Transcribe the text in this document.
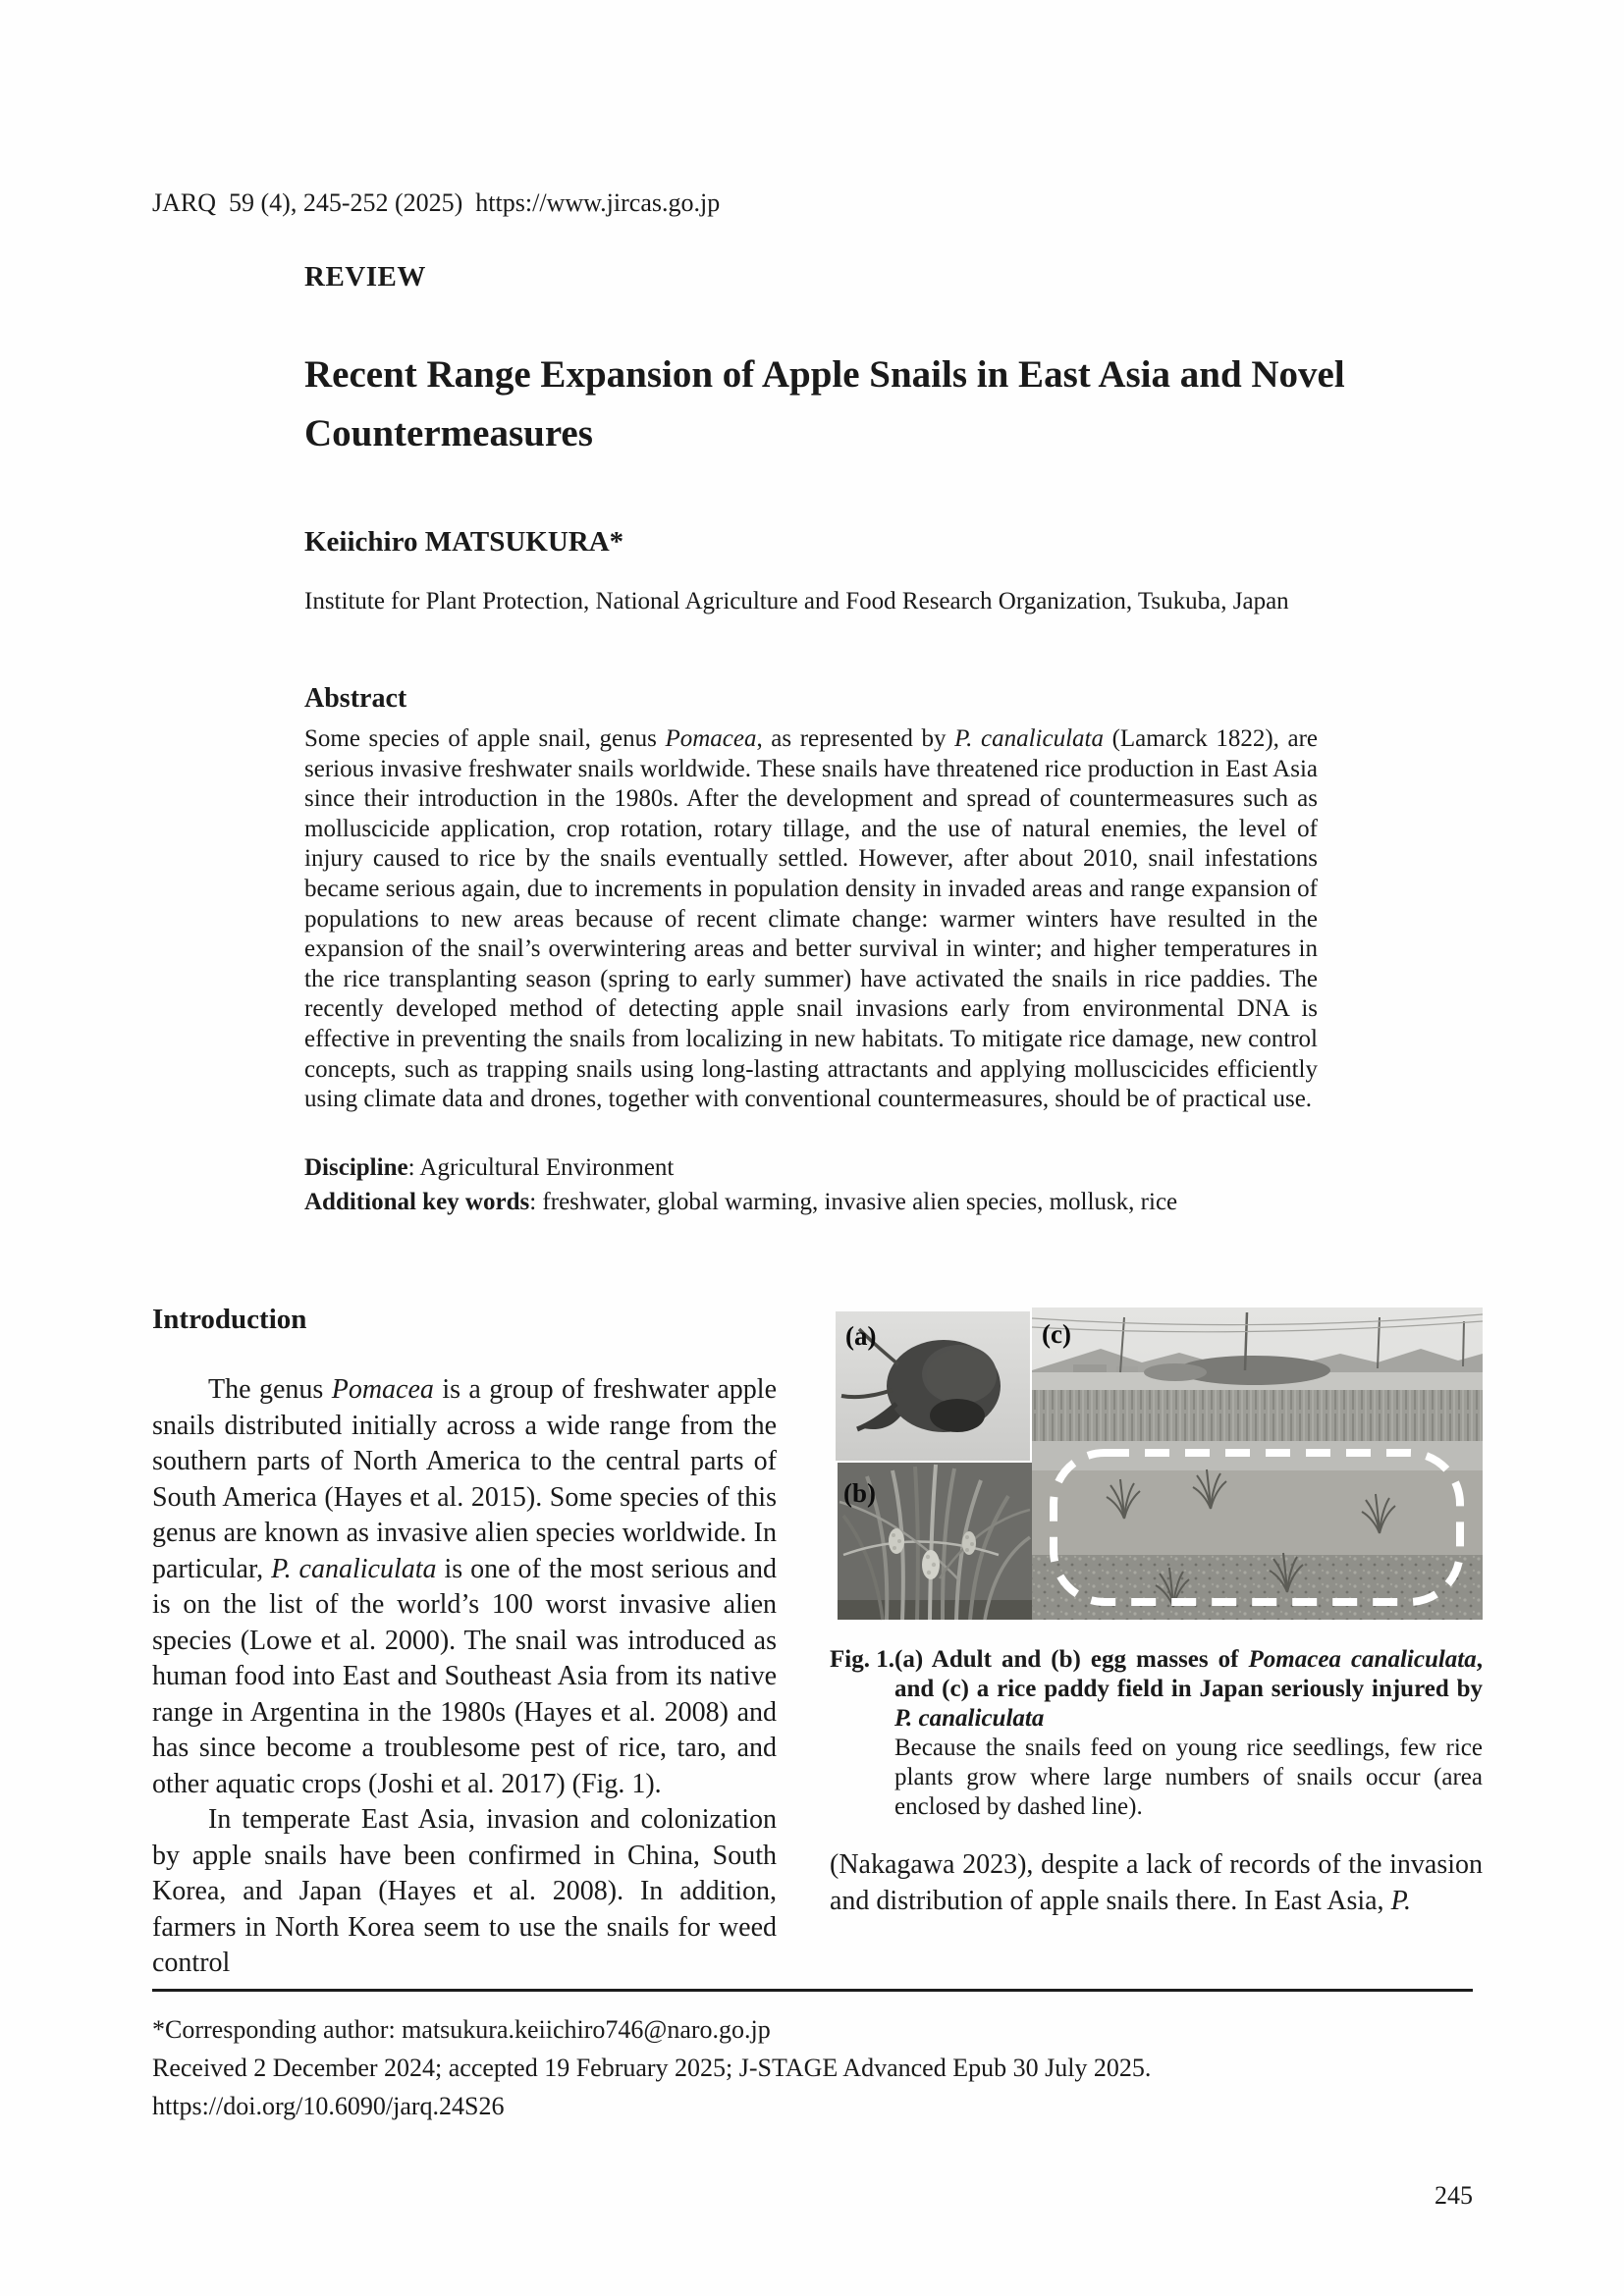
JARQ  59 (4), 245-252 (2025)  https://www.jircas.go.jp
REVIEW
Recent Range Expansion of Apple Snails in East Asia and Novel Countermeasures
Keiichiro MATSUKURA*
Institute for Plant Protection, National Agriculture and Food Research Organization, Tsukuba, Japan
Abstract
Some species of apple snail, genus Pomacea, as represented by P. canaliculata (Lamarck 1822), are serious invasive freshwater snails worldwide. These snails have threatened rice production in East Asia since their introduction in the 1980s. After the development and spread of countermeasures such as molluscicide application, crop rotation, rotary tillage, and the use of natural enemies, the level of injury caused to rice by the snails eventually settled. However, after about 2010, snail infestations became serious again, due to increments in population density in invaded areas and range expansion of populations to new areas because of recent climate change: warmer winters have resulted in the expansion of the snail’s overwintering areas and better survival in winter; and higher temperatures in the rice transplanting season (spring to early summer) have activated the snails in rice paddies. The recently developed method of detecting apple snail invasions early from environmental DNA is effective in preventing the snails from localizing in new habitats. To mitigate rice damage, new control concepts, such as trapping snails using long-lasting attractants and applying molluscicides efficiently using climate data and drones, together with conventional countermeasures, should be of practical use.
Discipline: Agricultural Environment
Additional key words: freshwater, global warming, invasive alien species, mollusk, rice
Introduction

The genus Pomacea is a group of freshwater apple snails distributed initially across a wide range from the southern parts of North America to the central parts of South America (Hayes et al. 2015). Some species of this genus are known as invasive alien species worldwide. In particular, P. canaliculata is one of the most serious and is on the list of the world’s 100 worst invasive alien species (Lowe et al. 2000). The snail was introduced as human food into East and Southeast Asia from its native range in Argentina in the 1980s (Hayes et al. 2008) and has since become a troublesome pest of rice, taro, and other aquatic crops (Joshi et al. 2017) (Fig. 1).

In temperate East Asia, invasion and colonization by apple snails have been confirmed in China, South Korea, and Japan (Hayes et al. 2008). In addition, farmers in North Korea seem to use the snails for weed control

(c)
(a)
(b)
Fig. 1. (a) Adult and (b) egg masses of Pomacea canaliculata, and (c) a rice paddy field in Japan seriously injured by P. canaliculata
Because the snails feed on young rice seedlings, few rice plants grow where large numbers of snails occur (area enclosed by dashed line).

(Nakagawa 2023), despite a lack of records of the invasion and distribution of apple snails there. In East Asia, P.

*Corresponding author: matsukura.keiichiro746@naro.go.jp
Received 2 December 2024; accepted 19 February 2025; J-STAGE Advanced Epub 30 July 2025.
https://doi.org/10.6090/jarq.24S26
245
